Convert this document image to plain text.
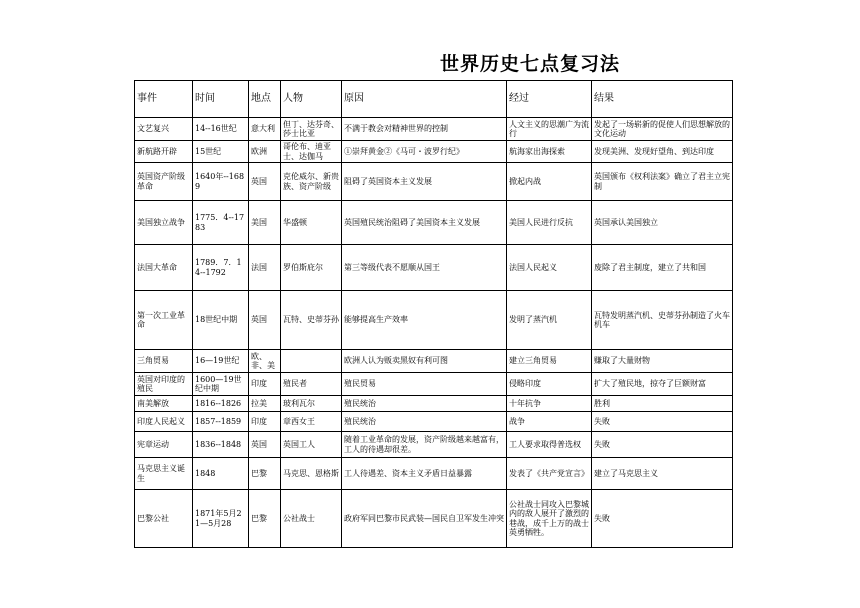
世界历史七点复习法
事件	时间	地点	人物	原因	经过	结果
文艺复兴	14--16世纪	意大利	但丁、达芬奇、莎士比亚	不满于教会对精神世界的控制	人文主义的思潮广为流行	发起了一场崭新的促使人们思想解放的文化运动
新航路开辟	15世纪	欧洲	哥伦布、迪亚士、达伽马	①崇拜黄金②《马可・波罗行纪》	航海家出海探索	发现美洲、发现好望角、到达印度
英国资产阶级革命	1640年--1689	英国	克伦威尔、新贵族、资产阶级	阻碍了英国资本主义发展	掀起内战	英国颁布《权利法案》确立了君主立宪制
美国独立战争	1775．4--1783	美国	华盛顿	英国殖民统治阻碍了美国资本主义发展	美国人民进行反抗	英国承认美国独立
法国大革命	1789．7．14--1792	法国	罗伯斯庇尔	第三等级代表不愿顺从国王	法国人民起义	废除了君主制度，建立了共和国
第一次工业革命	18世纪中期	英国	瓦特、史蒂芬孙	能够提高生产效率	发明了蒸汽机	瓦特发明蒸汽机、史蒂芬孙制造了火车机车
三角贸易	16—19世纪	欧、非、美		欧洲人认为贩卖黑奴有利可图	建立三角贸易	赚取了大量财物
英国对印度的殖民	1600—19世纪中期	印度	殖民者	殖民贸易	侵略印度	扩大了殖民地，掠夺了巨额财富
南美解放	1816--1826	拉美	玻利瓦尔	殖民统治	十年抗争	胜利
印度人民起义	1857--1859	印度	章西女王	殖民统治	战争	失败
宪章运动	1836--1848	英国	英国工人	随着工业革命的发展，资产阶级越来越富有，工人的待遇却很差。	工人要求取得普选权	失败
马克思主义诞生	1848	巴黎	马克思、恩格斯	工人待遇差、资本主义矛盾日益暴露	发表了《共产党宣言》	建立了马克思主义
巴黎公社	1871年5月21—5月28	巴黎	公社战士	政府军同巴黎市民武装—国民自卫军发生冲突	公社战士同攻入巴黎城内的敌人展开了激烈的巷战，成千上万的战士英勇牺牲。	失败
